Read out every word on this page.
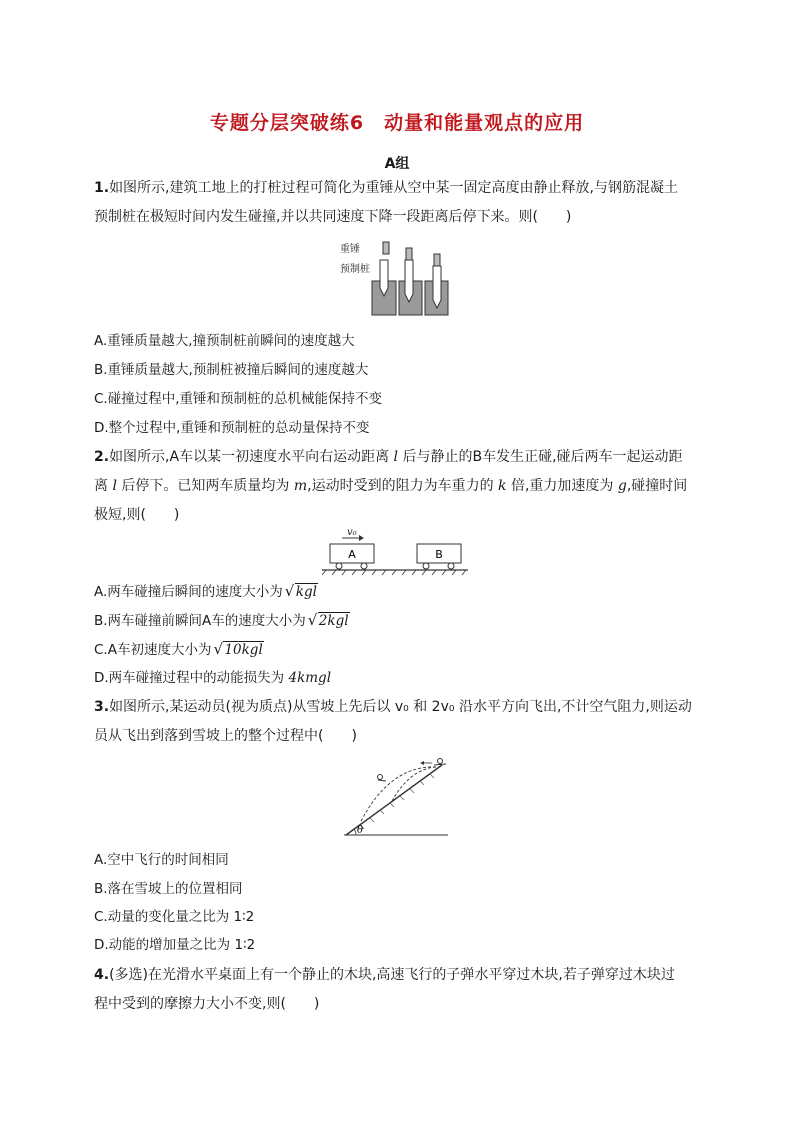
专题分层突破练6　动量和能量观点的应用
A组
1.如图所示,建筑工地上的打桩过程可简化为重锤从空中某一固定高度由静止释放,与钢筋混凝土
预制桩在极短时间内发生碰撞,并以共同速度下降一段距离后停下来。则(　　)
重锤
预制桩
A.重锤质量越大,撞预制桩前瞬间的速度越大
B.重锤质量越大,预制桩被撞后瞬间的速度越大
C.碰撞过程中,重锤和预制桩的总机械能保持不变
D.整个过程中,重锤和预制桩的总动量保持不变
2.如图所示,A车以某一初速度水平向右运动距离 l 后与静止的B车发生正碰,碰后两车一起运动距
离 l 后停下。已知两车质量均为 m,运动时受到的阻力为车重力的 k 倍,重力加速度为 g,碰撞时间
极短,则(　　)
v₀
A	B
A.两车碰撞后瞬间的速度大小为 √ kgl
B.两车碰撞前瞬间A车的速度大小为 √ 2kgl
C.A车初速度大小为 √ 10kgl
D.两车碰撞过程中的动能损失为 4kmgl
3.如图所示,某运动员(视为质点)从雪坡上先后以 v₀ 和 2v₀ 沿水平方向飞出,不计空气阻力,则运动
员从飞出到落到雪坡上的整个过程中(　　)
θ
A.空中飞行的时间相同
B.落在雪坡上的位置相同
C.动量的变化量之比为 1∶2
D.动能的增加量之比为 1∶2
4.(多选)在光滑水平桌面上有一个静止的木块,高速飞行的子弹水平穿过木块,若子弹穿过木块过
程中受到的摩擦力大小不变,则(　　)
